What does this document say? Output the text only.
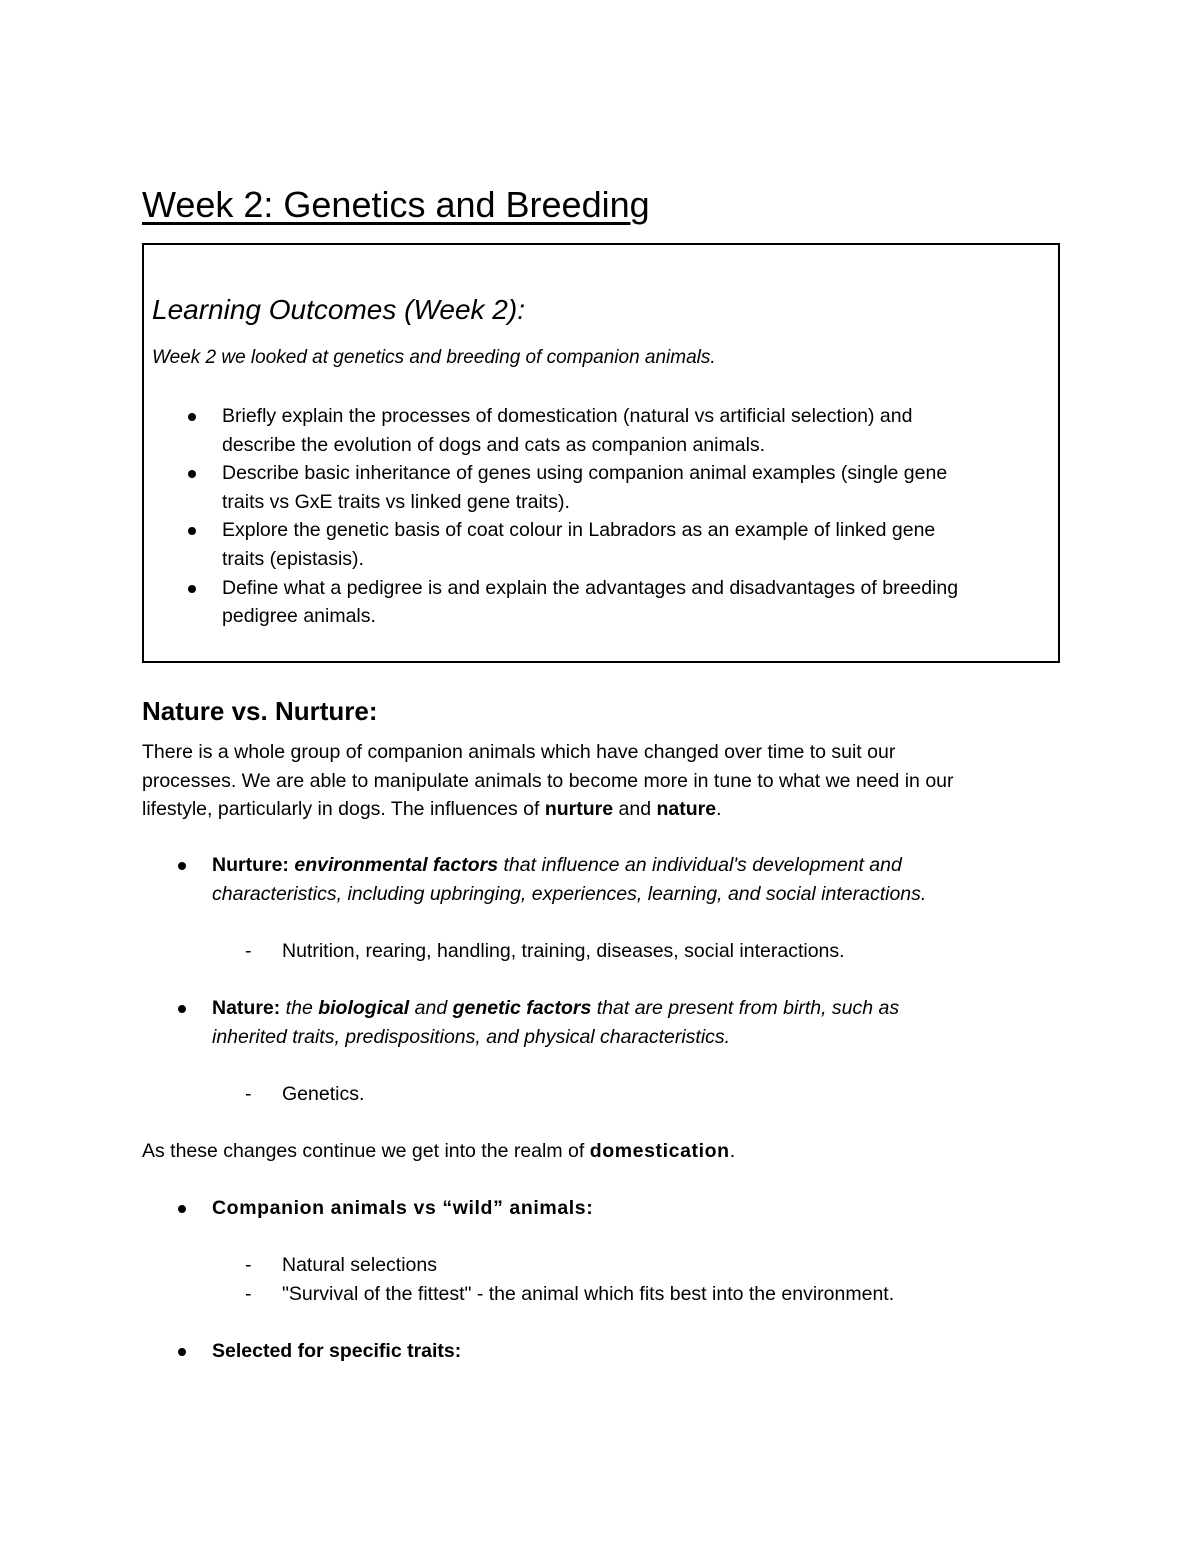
Week 2: Genetics and Breeding
Learning Outcomes (Week 2):

Week 2 we looked at genetics and breeding of companion animals.

Briefly explain the processes of domestication (natural vs artificial selection) and
describe the evolution of dogs and cats as companion animals.
Describe basic inheritance of genes using companion animal examples (single gene
traits vs GxE traits vs linked gene traits).
Explore the genetic basis of coat colour in Labradors as an example of linked gene
traits (epistasis).
Define what a pedigree is and explain the advantages and disadvantages of breeding
pedigree animals.
Nature vs. Nurture:

There is a whole group of companion animals which have changed over time to suit our
processes. We are able to manipulate animals to become more in tune to what we need in our
lifestyle, particularly in dogs. The influences of nurture and nature.

Nurture: environmental factors that influence an individual's development and
characteristics, including upbringing, experiences, learning, and social interactions.

- Nutrition, rearing, handling, training, diseases, social interactions.

Nature: the biological and genetic factors that are present from birth, such as
inherited traits, predispositions, and physical characteristics.

- Genetics.

As these changes continue we get into the realm of domestication.

Companion animals vs “wild” animals:

- Natural selections

- "Survival of the fittest" - the animal which fits best into the environment.

Selected for specific traits:
